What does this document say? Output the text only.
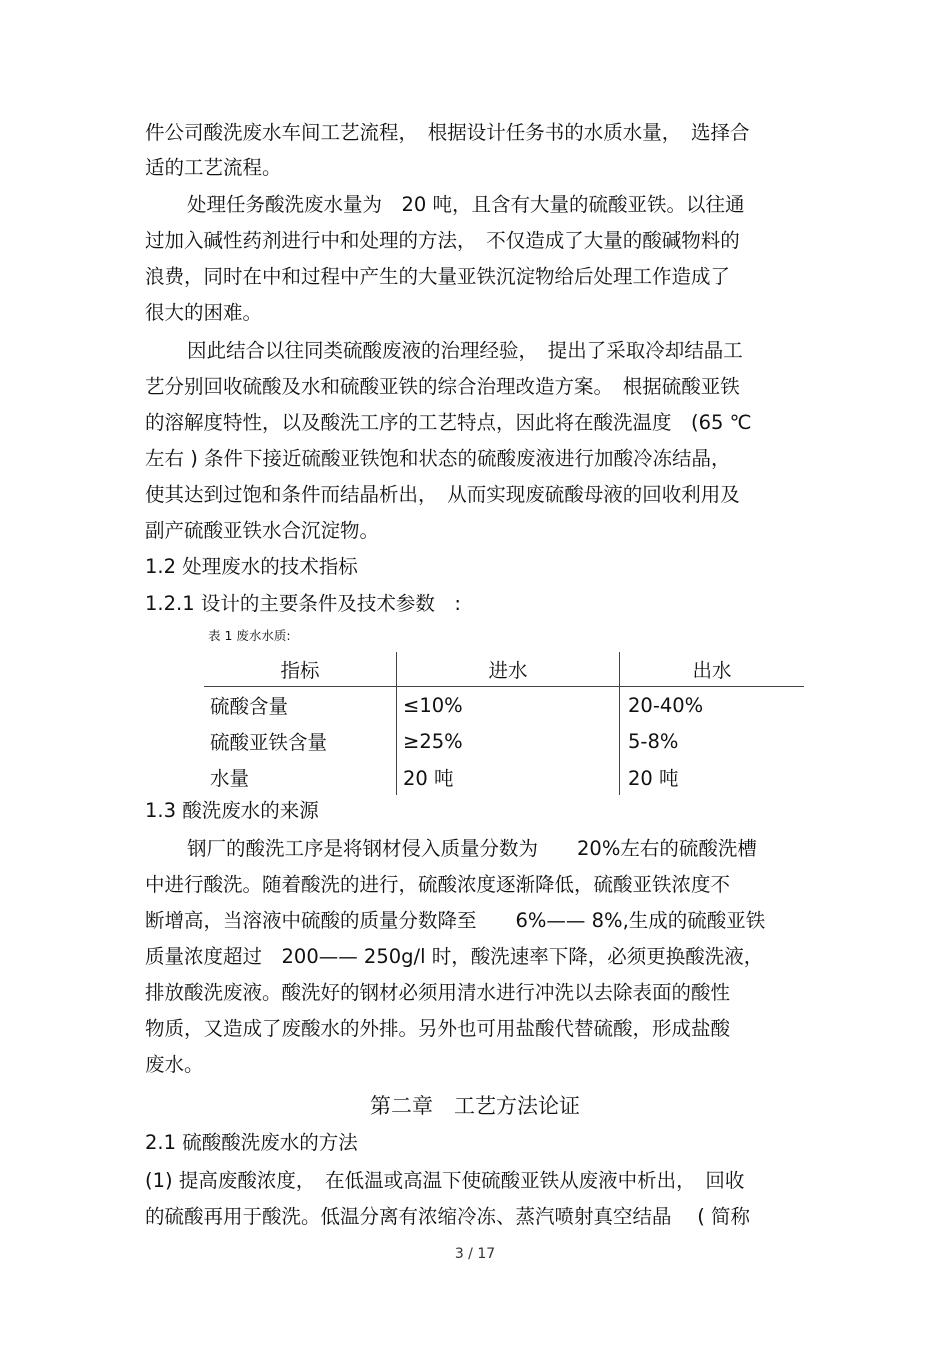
件公司酸洗废水车间工艺流程，　根据设计任务书的水质水量，　选择合

适的工艺流程。

处理任务酸洗废水量为　20 吨，且含有大量的硫酸亚铁。以往通

过加入碱性药剂进行中和处理的方法，　不仅造成了大量的酸碱物料的

浪费，同时在中和过程中产生的大量亚铁沉淀物给后处理工作造成了

很大的困难。

因此结合以往同类硫酸废液的治理经验，　提出了采取冷却结晶工

艺分别回收硫酸及水和硫酸亚铁的综合治理改造方案。　根据硫酸亚铁

的溶解度特性，以及酸洗工序的工艺特点，因此将在酸洗温度　(65 ℃

左右 ) 条件下接近硫酸亚铁饱和状态的硫酸废液进行加酸冷冻结晶，

使其达到过饱和条件而结晶析出，　从而实现废硫酸母液的回收利用及

副产硫酸亚铁水合沉淀物。

1.2 处理废水的技术指标

1.2.1 设计的主要条件及技术参数　:

表 1 废水水质:
指标	进水	出水
硫酸含量	≤10%	20-40%
硫酸亚铁含量	≥25%	5-8%
水量	20 吨	20 吨

1.3 酸洗废水的来源

钢厂的酸洗工序是将钢材侵入质量分数为　　20%左右的硫酸洗槽

中进行酸洗。随着酸洗的进行，硫酸浓度逐渐降低，硫酸亚铁浓度不

断增高，当溶液中硫酸的质量分数降至　　6%—— 8%,生成的硫酸亚铁

质量浓度超过　200—— 250g/l 时，酸洗速率下降，必须更换酸洗液，

排放酸洗废液。酸洗好的钢材必须用清水进行冲洗以去除表面的酸性

物质，又造成了废酸水的外排。另外也可用盐酸代替硫酸，形成盐酸

废水。

第二章　工艺方法论证

2.1 硫酸酸洗废水的方法

(1) 提高废酸浓度，　在低温或高温下使硫酸亚铁从废液中析出，　回收

的硫酸再用于酸洗。低温分离有浓缩冷冻、蒸汽喷射真空结晶　 ( 简称

3 / 17
